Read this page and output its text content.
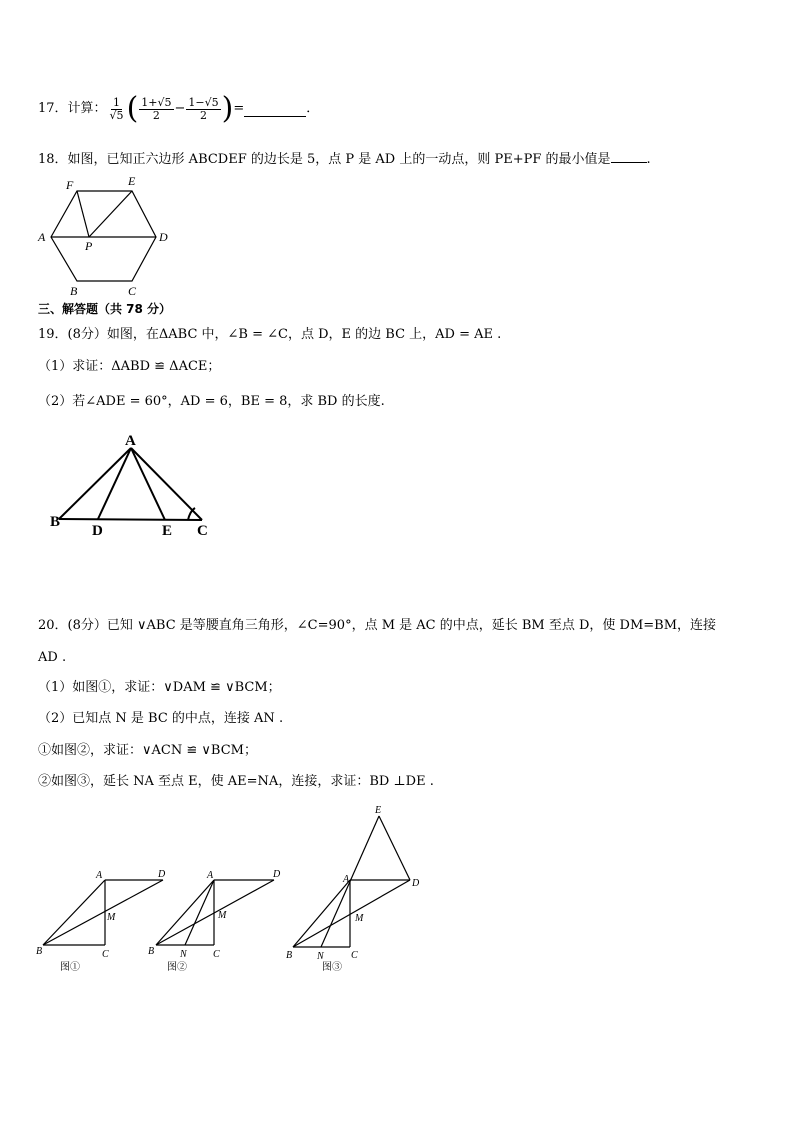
17．计算： $\frac{1}{√5}$ ( $\frac{1+√5}{2} - \frac{1-√5}{2}$ ) =	．
18．如图，已知正六边形 ABCDEF 的边长是 5，点 P 是 AD 上的一动点，则 PE+PF 的最小值是	.
F	E
A	D
P
B	C
三、解答题（共 78 分）
19．(8分）如图，在ΔABC 中，∠B = ∠C，点 D，E 的边 BC 上，AD = AE .
（1）求证：ΔABD ≌ ΔACE；
（2）若∠ADE = 60°，AD = 6，BE = 8，求 BD 的长度.
A
B
D	E C
20．(8分）已知 ∨ABC 是等腰直角三角形，∠C=90°，点 M 是 AC 的中点，延长 BM 至点 D，使 DM=BM，连接
AD .
（1）如图①，求证：∨DAM ≌ ∨BCM；
（2）已知点 N 是 BC 的中点，连接 AN .
①如图②，求证：∨ACN ≌ ∨BCM；
②如图③，延长 NA 至点 E，使 AE=NA，连接，求证：BD ⊥DE .
A	D
M
B	C
A	D
M
B	N	C
E
A	D
M
B N	C
图①	图②	图③
